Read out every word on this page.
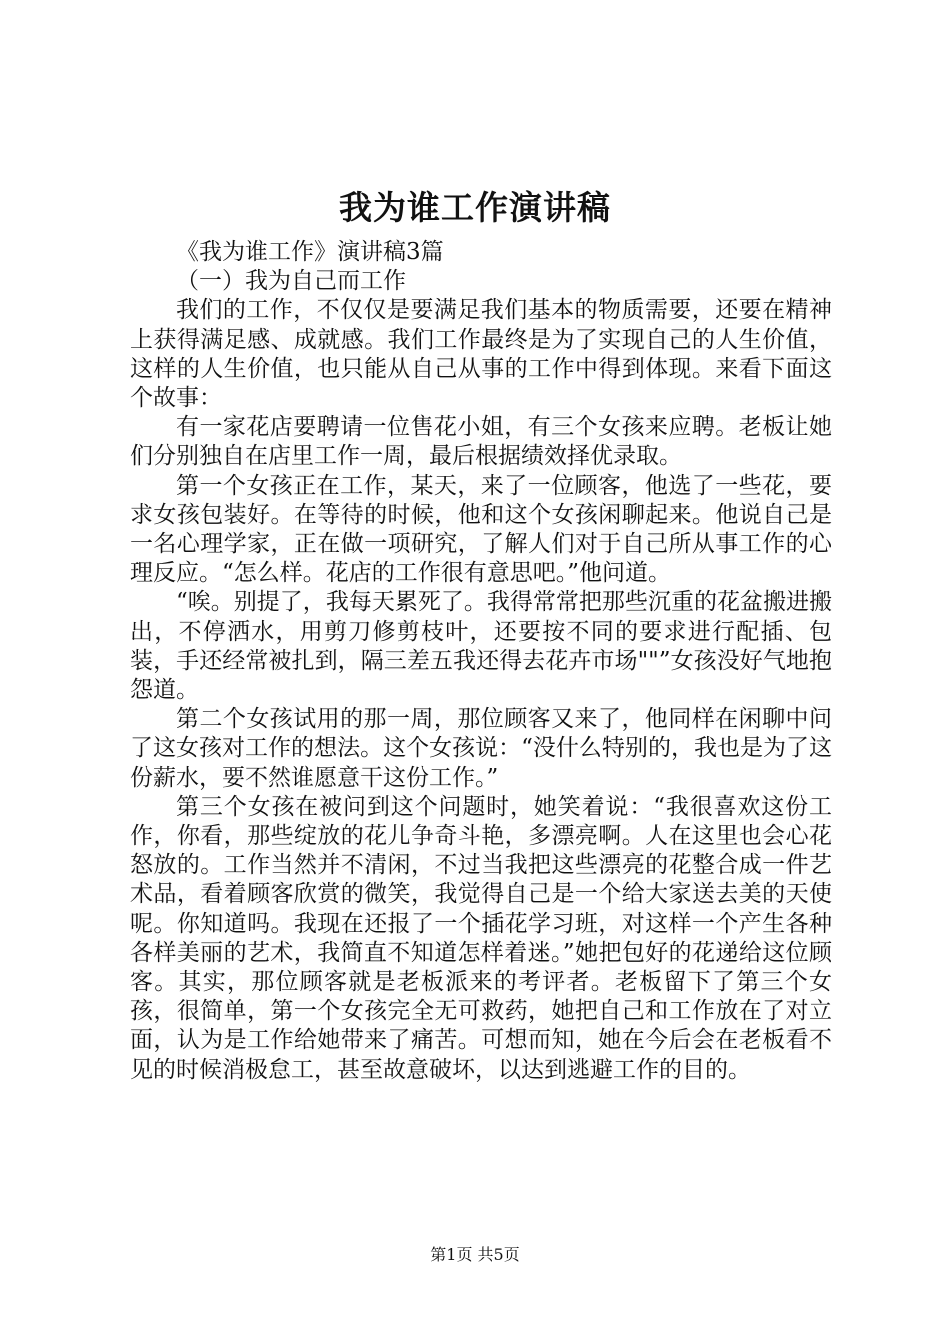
我为谁工作演讲稿

《我为谁工作》演讲稿3篇

（一）我为自己而工作

我们的工作，不仅仅是要满足我们基本的物质需要，还要在精神上获得满足感、成就感。我们工作最终是为了实现自己的人生价值，这样的人生价值，也只能从自己从事的工作中得到体现。来看下面这个故事：

有一家花店要聘请一位售花小姐，有三个女孩来应聘。老板让她们分别独自在店里工作一周，最后根据绩效择优录取。

第一个女孩正在工作，某天，来了一位顾客，他选了一些花，要求女孩包装好。在等待的时候，他和这个女孩闲聊起来。他说自己是一名心理学家，正在做一项研究，了解人们对于自己所从事工作的心理反应。“怎么样。花店的工作很有意思吧。”他问道。

“唉。别提了，我每天累死了。我得常常把那些沉重的花盆搬进搬出，不停洒水，用剪刀修剪枝叶，还要按不同的要求进行配插、包装，手还经常被扎到，隔三差五我还得去花卉市场""”女孩没好气地抱怨道。

第二个女孩试用的那一周，那位顾客又来了，他同样在闲聊中问了这女孩对工作的想法。这个女孩说：“没什么特别的，我也是为了这份薪水，要不然谁愿意干这份工作。”

第三个女孩在被问到这个问题时，她笑着说：“我很喜欢这份工作，你看，那些绽放的花儿争奇斗艳，多漂亮啊。人在这里也会心花怒放的。工作当然并不清闲，不过当我把这些漂亮的花整合成一件艺术品，看着顾客欣赏的微笑，我觉得自己是一个给大家送去美的天使呢。你知道吗。我现在还报了一个插花学习班，对这样一个产生各种各样美丽的艺术，我简直不知道怎样着迷。”她把包好的花递给这位顾客。其实，那位顾客就是老板派来的考评者。老板留下了第三个女孩，很简单，第一个女孩完全无可救药，她把自己和工作放在了对立面，认为是工作给她带来了痛苦。可想而知，她在今后会在老板看不见的时候消极怠工，甚至故意破坏，以达到逃避工作的目的。

第1页 共5页
